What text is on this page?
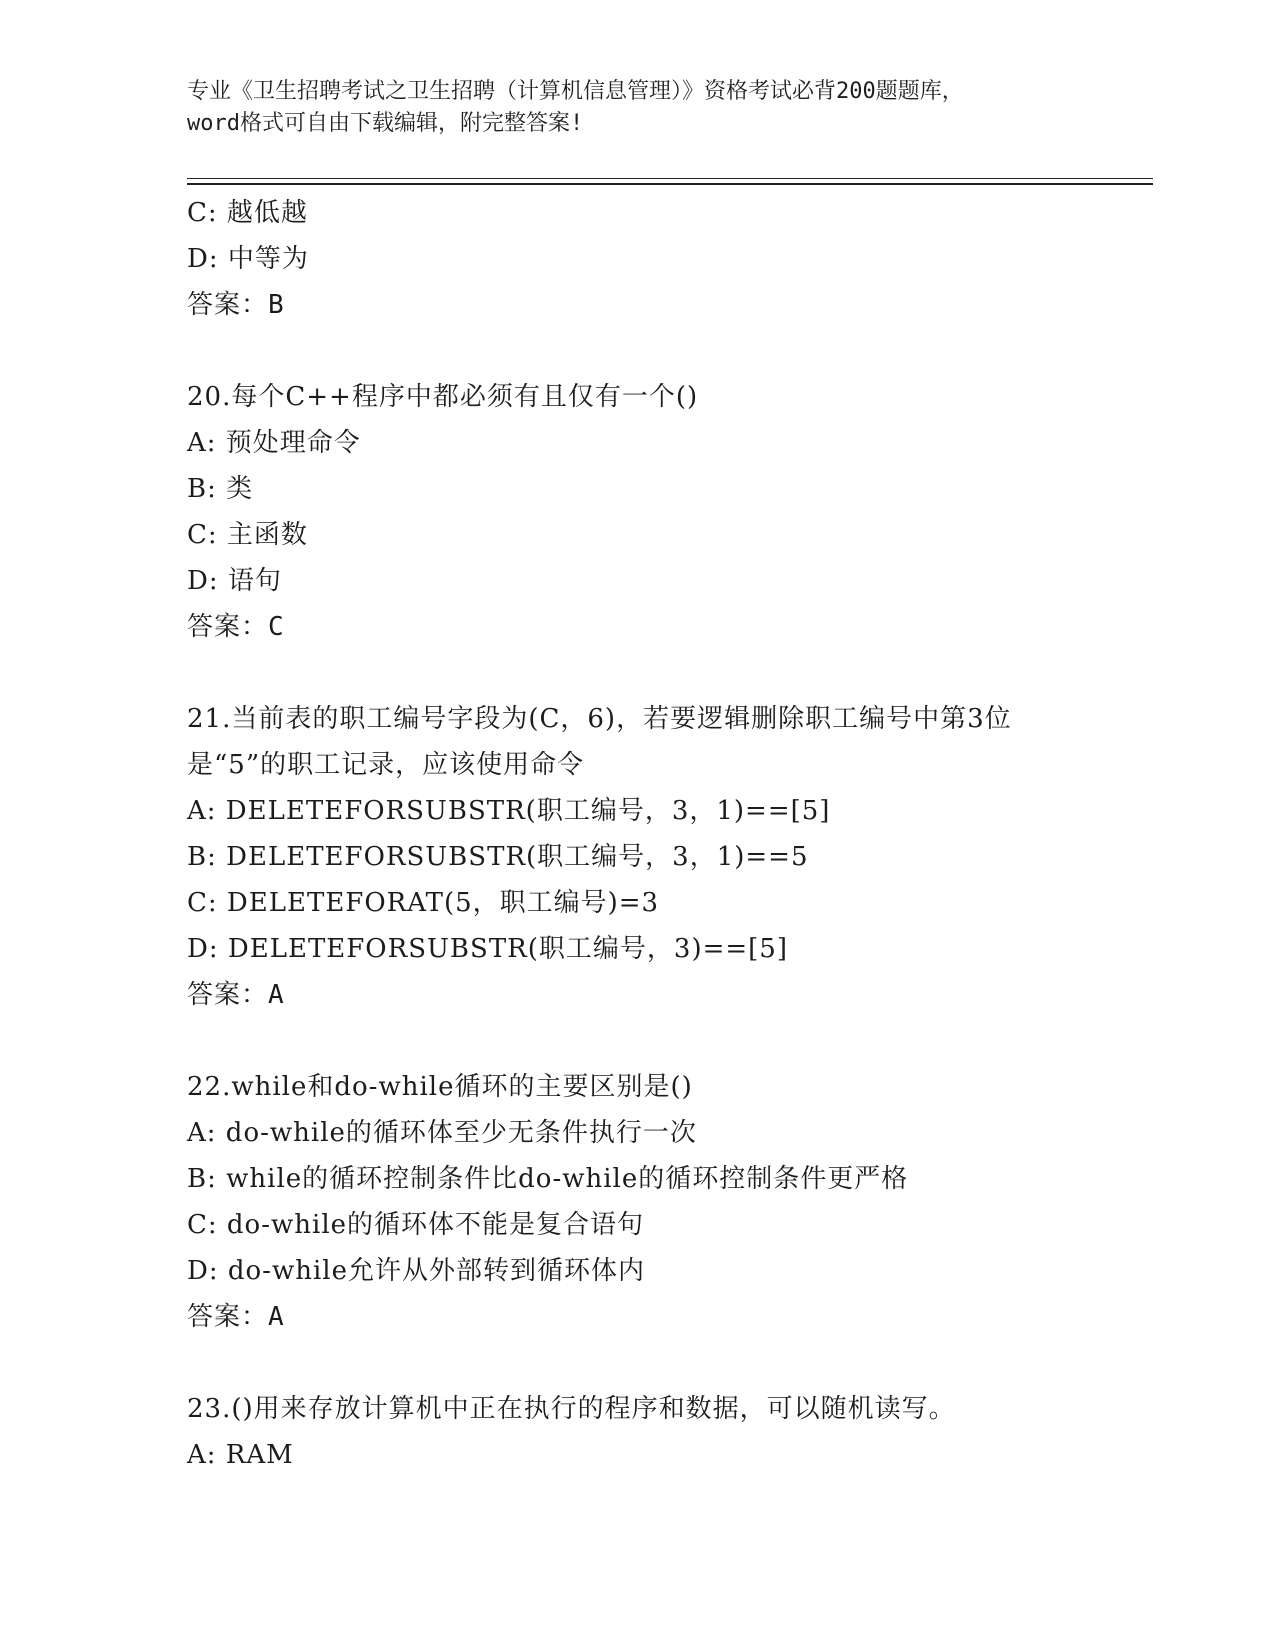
专业《卫生招聘考试之卫生招聘（计算机信息管理）》资格考试必背200题题库，
word格式可自由下载编辑，附完整答案!
C: 越低越
D: 中等为
答案：B
20.每个C++程序中都必须有且仅有一个()
A: 预处理命令
B: 类
C: 主函数
D: 语句
答案：C
21.当前表的职工编号字段为(C，6)，若要逻辑删除职工编号中第3位
是“5”的职工记录，应该使用命令
A: DELETEFORSUBSTR(职工编号，3，1)==[5]
B: DELETEFORSUBSTR(职工编号，3，1)==5
C: DELETEFORAT(5，职工编号)=3
D: DELETEFORSUBSTR(职工编号，3)==[5]
答案：A
22.while和do-while循环的主要区别是()
A: do-while的循环体至少无条件执行一次
B: while的循环控制条件比do-while的循环控制条件更严格
C: do-while的循环体不能是复合语句
D: do-while允许从外部转到循环体内
答案：A
23.()用来存放计算机中正在执行的程序和数据，可以随机读写。
A: RAM
